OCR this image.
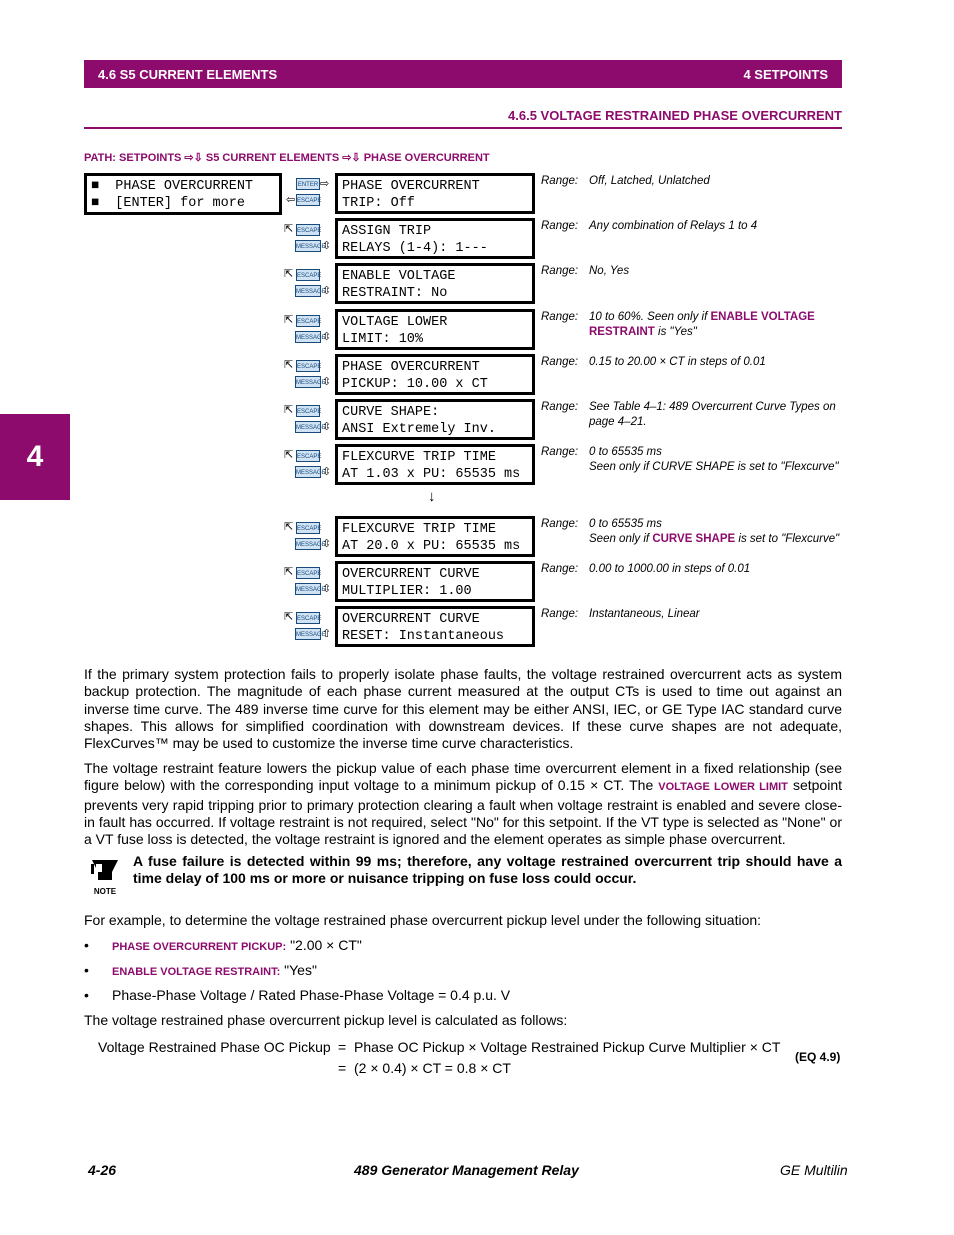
4.6 S5 CURRENT ELEMENTS	4 SETPOINTS
4.6.5 VOLTAGE RESTRAINED PHASE OVERCURRENT
4
PATH: SETPOINTS ⇨⇩ S5 CURRENT ELEMENTS ⇨⇩ PHASE OVERCURRENT
■  PHASE OVERCURRENT
■  [ENTER] for more
ENTER ⇨
⇦ ESCAPE
PHASE OVERCURRENT
TRIP: Off
Range: Off, Latched, Unlatched
⇱ ESCAPE
MESSAGE
⇳
ASSIGN TRIP
RELAYS (1-4): 1---
Range: Any combination of Relays 1 to 4
⇱ ESCAPE
MESSAGE
⇳
ENABLE VOLTAGE
RESTRAINT: No
Range: No, Yes
⇱ ESCAPE
MESSAGE
⇳
VOLTAGE LOWER
LIMIT: 10%
Range: 10 to 60%. Seen only if ENABLE VOLTAGE RESTRAINT is "Yes"
⇱ ESCAPE
MESSAGE
⇳
PHASE OVERCURRENT
PICKUP: 10.00 x CT
Range: 0.15 to 20.00 × CT in steps of 0.01
⇱ ESCAPE
MESSAGE
⇳
CURVE SHAPE:
ANSI Extremely Inv.
Range: See Table 4–1: 489 Overcurrent Curve Types on page 4–21.
⇱ ESCAPE
MESSAGE
⇳
FLEXCURVE TRIP TIME
AT 1.03 x PU: 65535 ms
Range: 0 to 65535 ms
Seen only if CURVE SHAPE is set to "Flexcurve"
↓
⇱ ESCAPE
MESSAGE
⇳
FLEXCURVE TRIP TIME
AT 20.0 x PU: 65535 ms
Range: 0 to 65535 ms
Seen only if CURVE SHAPE is set to "Flexcurve"
⇱ ESCAPE
MESSAGE
⇳
OVERCURRENT CURVE
MULTIPLIER: 1.00
Range: 0.00 to 1000.00 in steps of 0.01
⇱ ESCAPE
MESSAGE
⇧
OVERCURRENT CURVE
RESET: Instantaneous
Range: Instantaneous, Linear
If the primary system protection fails to properly isolate phase faults, the voltage restrained overcurrent acts as system backup protection. The magnitude of each phase current measured at the output CTs is used to time out against an inverse time curve. The 489 inverse time curve for this element may be either ANSI, IEC, or GE Type IAC standard curve shapes. This allows for simplified coordination with downstream devices. If these curve shapes are not adequate, FlexCurves™ may be used to customize the inverse time curve characteristics.
The voltage restraint feature lowers the pickup value of each phase time overcurrent element in a fixed relationship (see figure below) with the corresponding input voltage to a minimum pickup of 0.15 × CT. The VOLTAGE LOWER LIMIT setpoint prevents very rapid tripping prior to primary protection clearing a fault when voltage restraint is enabled and severe close-in fault has occurred. If voltage restraint is not required, select "No" for this setpoint. If the VT type is selected as "None" or a VT fuse loss is detected, the voltage restraint is ignored and the element operates as simple phase overcurrent.
NOTE
A fuse failure is detected within 99 ms; therefore, any voltage restrained overcurrent trip should have a time delay of 100 ms or more or nuisance tripping on fuse loss could occur.
For example, to determine the voltage restrained phase overcurrent pickup level under the following situation:
• PHASE OVERCURRENT PICKUP: "2.00 × CT"
• ENABLE VOLTAGE RESTRAINT: "Yes"
• Phase-Phase Voltage / Rated Phase-Phase Voltage = 0.4 p.u. V
The voltage restrained phase overcurrent pickup level is calculated as follows:
Voltage Restrained Phase OC Pickup = Phase OC Pickup × Voltage Restrained Pickup Curve Multiplier × CT
= (2 × 0.4) × CT = 0.8 × CT
(EQ 4.9)
4-26	489 Generator Management Relay	GE Multilin
